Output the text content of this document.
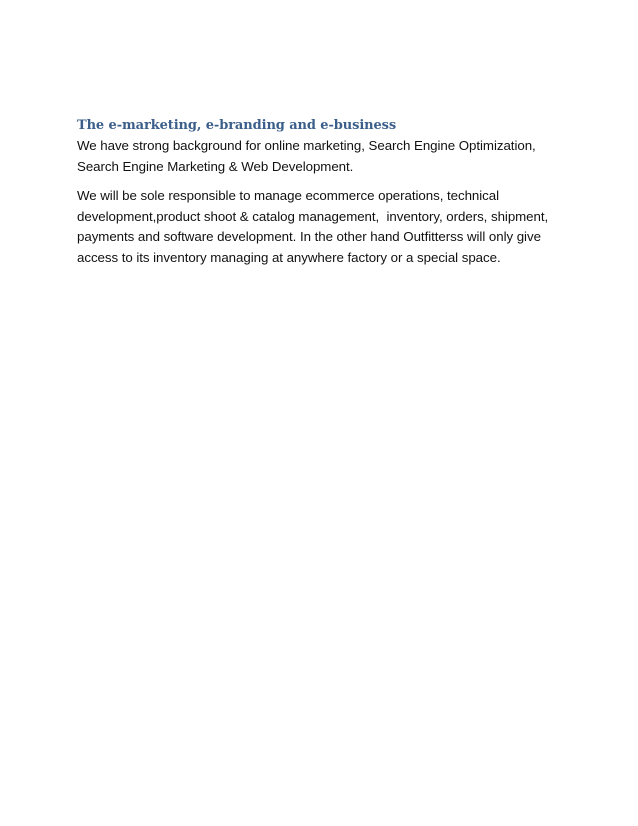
The e-marketing, e-branding and e-business

We have strong background for online marketing, Search Engine Optimization,
Search Engine Marketing & Web Development.

We will be sole responsible to manage ecommerce operations, technical
development,product shoot & catalog management,  inventory, orders, shipment,
payments and software development. In the other hand Outfitterss will only give
access to its inventory managing at anywhere factory or a special space.
